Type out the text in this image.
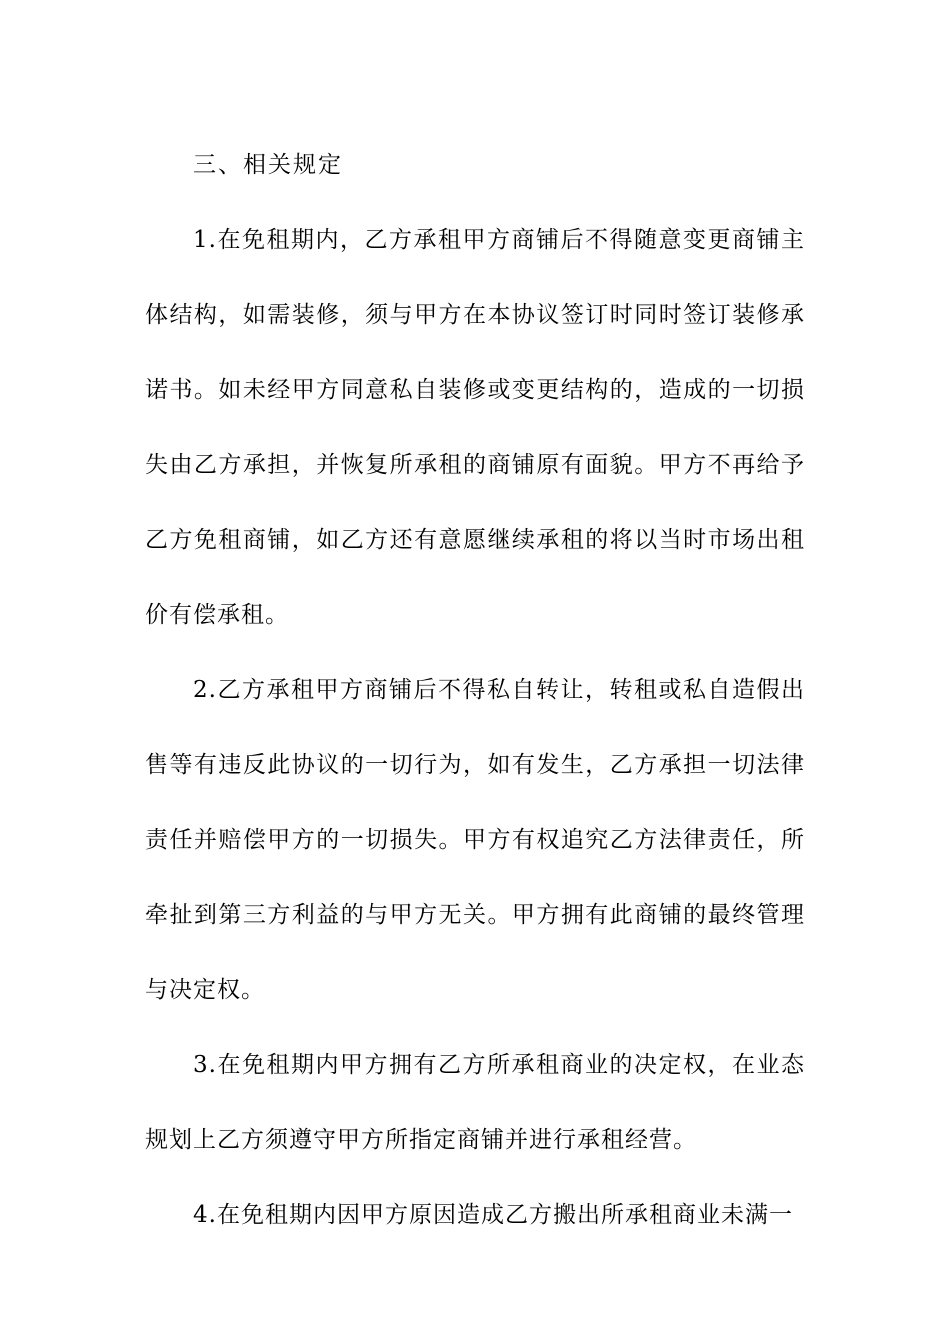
三、相关规定

1.在免租期内，乙方承租甲方商铺后不得随意变更商铺主体结构，如需装修，须与甲方在本协议签订时同时签订装修承诺书。如未经甲方同意私自装修或变更结构的，造成的一切损失由乙方承担，并恢复所承租的商铺原有面貌。甲方不再给予乙方免租商铺，如乙方还有意愿继续承租的将以当时市场出租价有偿承租。

2.乙方承租甲方商铺后不得私自转让，转租或私自造假出售等有违反此协议的一切行为，如有发生，乙方承担一切法律责任并赔偿甲方的一切损失。甲方有权追究乙方法律责任，所牵扯到第三方利益的与甲方无关。甲方拥有此商铺的最终管理与决定权。

3.在免租期内甲方拥有乙方所承租商业的决定权，在业态规划上乙方须遵守甲方所指定商铺并进行承租经营。

4.在免租期内因甲方原因造成乙方搬出所承租商业未满一
